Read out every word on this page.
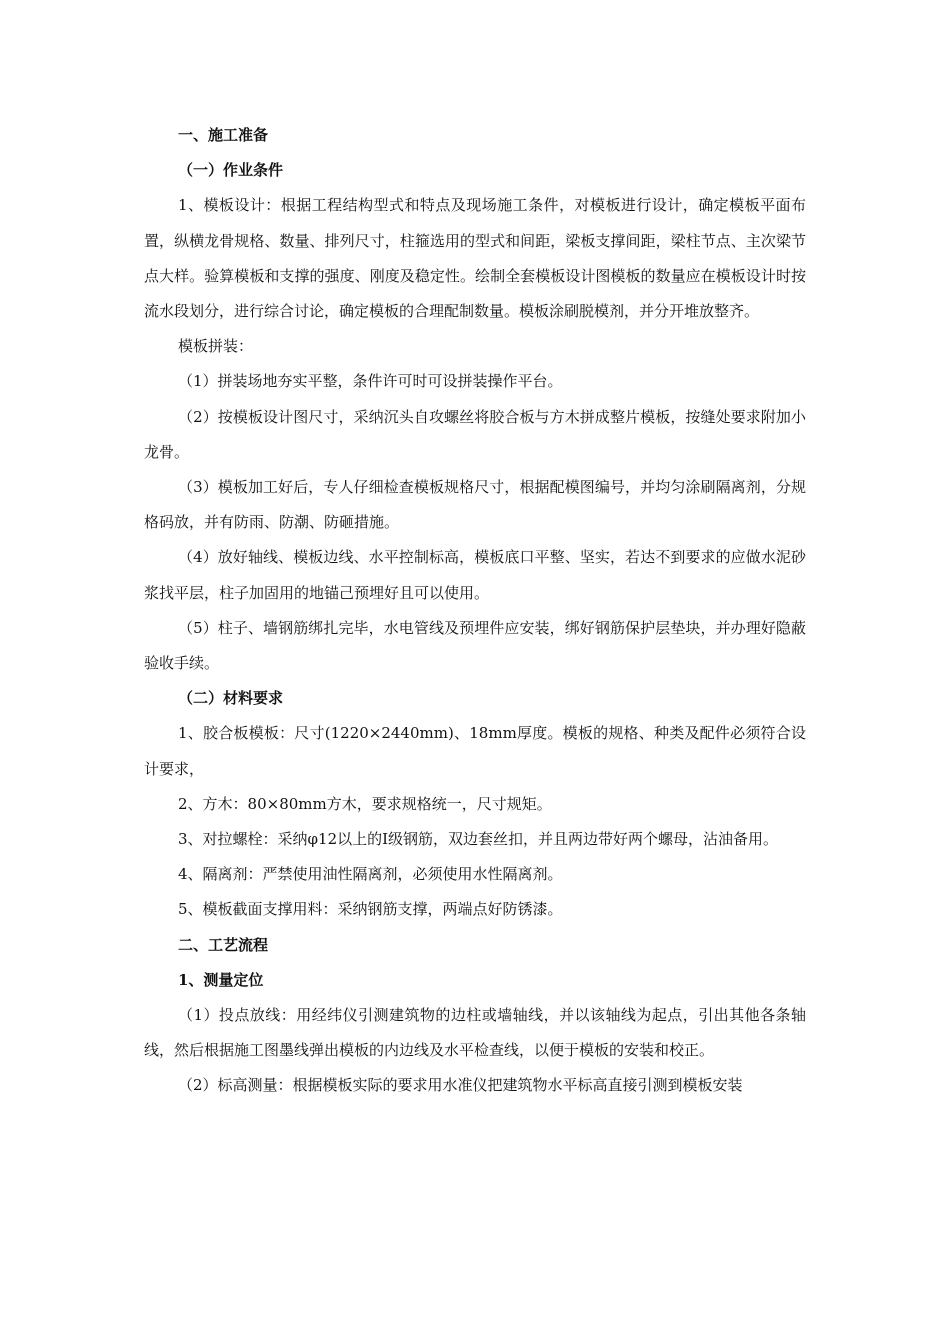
一、施工准备

（一）作业条件

1、模板设计：根据工程结构型式和特点及现场施工条件，对模板进行设计，确定模板平面布置，纵横龙骨规格、数量、排列尺寸，柱箍选用的型式和间距，梁板支撑间距，梁柱节点、主次梁节点大样。验算模板和支撑的强度、刚度及稳定性。绘制全套模板设计图模板的数量应在模板设计时按流水段划分，进行综合讨论，确定模板的合理配制数量。模板涂刷脱模剂，并分开堆放整齐。

模板拼装：

（1）拼装场地夯实平整，条件许可时可设拼装操作平台。

（2）按模板设计图尺寸，采纳沉头自攻螺丝将胶合板与方木拼成整片模板，按缝处要求附加小龙骨。

（3）模板加工好后，专人仔细检查模板规格尺寸，根据配模图编号，并均匀涂刷隔离剂，分规格码放，并有防雨、防潮、防砸措施。

（4）放好轴线、模板边线、水平控制标高，模板底口平整、坚实，若达不到要求的应做水泥砂浆找平层，柱子加固用的地锚己预埋好且可以使用。

（5）柱子、墙钢筋绑扎完毕，水电管线及预埋件应安装，绑好钢筋保护层垫块，并办理好隐蔽验收手续。

（二）材料要求

1、胶合板模板：尺寸(1220×2440mm)、18mm厚度。模板的规格、种类及配件必须符合设计要求，

2、方木：80×80mm方木，要求规格统一，尺寸规矩。

3、对拉螺栓：采纳φ12以上的Ⅰ级钢筋，双边套丝扣，并且两边带好两个螺母，沾油备用。

4、隔离剂：严禁使用油性隔离剂，必须使用水性隔离剂。

5、模板截面支撑用料：采纳钢筋支撑，两端点好防锈漆。

二、工艺流程

1、测量定位

（1）投点放线：用经纬仪引测建筑物的边柱或墙轴线，并以该轴线为起点，引出其他各条轴线，然后根据施工图墨线弹出模板的内边线及水平检查线，以便于模板的安装和校正。

（2）标高测量：根据模板实际的要求用水准仪把建筑物水平标高直接引测到模板安装
